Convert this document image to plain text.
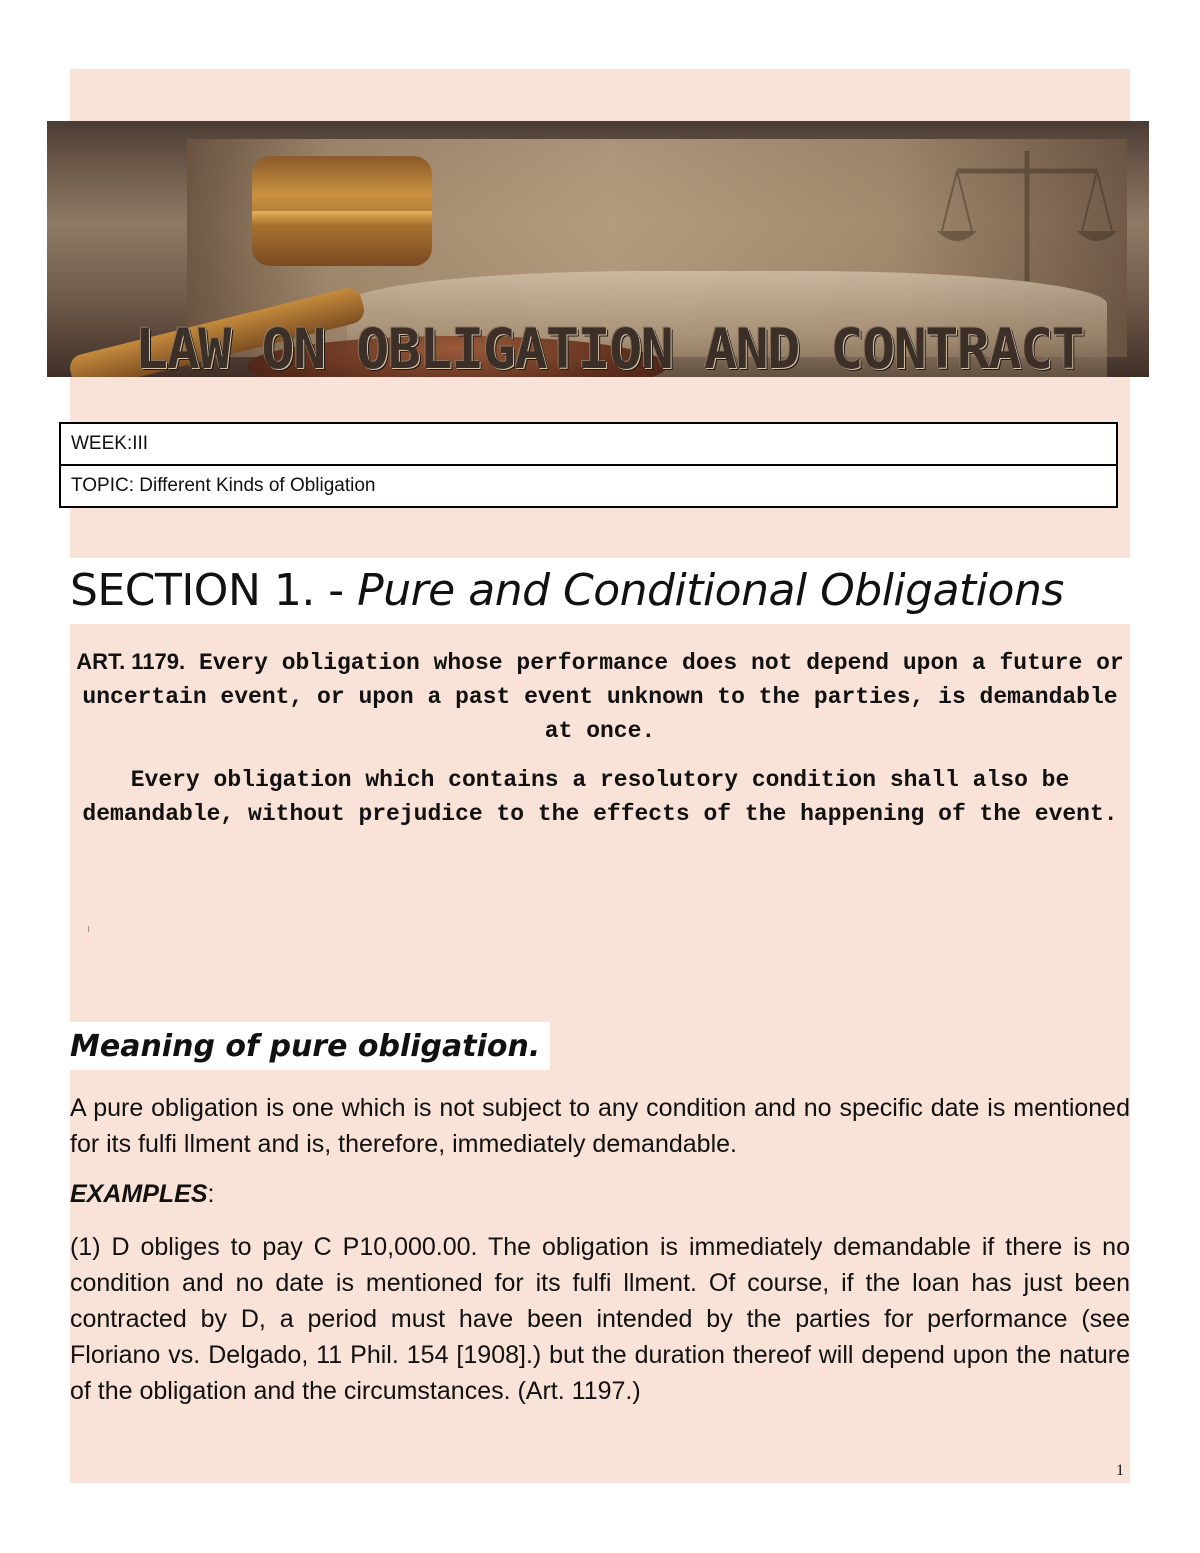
LAW ON OBLIGATION AND CONTRACT
WEEK:III
TOPIC: Different Kinds of Obligation
SECTION 1. - Pure and Conditional Obligations

ART. 1179. Every obligation whose performance does not depend upon a future or uncertain event, or upon a past event unknown to the parties, is demandable at once.

Every obligation which contains a resolutory condition shall also be demandable, without prejudice to the effects of the happening of the event.

Meaning of pure obligation.
A pure obligation is one which is not subject to any condition and no specific date is mentioned for its fulfi llment and is, therefore, immediately demandable.
EXAMPLES:
(1) D obliges to pay C P10,000.00. The obligation is immediately demandable if there is no condition and no date is mentioned for its fulfi llment. Of course, if the loan has just been contracted by D, a period must have been intended by the parties for performance (see Floriano vs. Delgado, 11 Phil. 154 [1908].) but the duration thereof will depend upon the nature of the obligation and the circumstances. (Art. 1197.)
1
